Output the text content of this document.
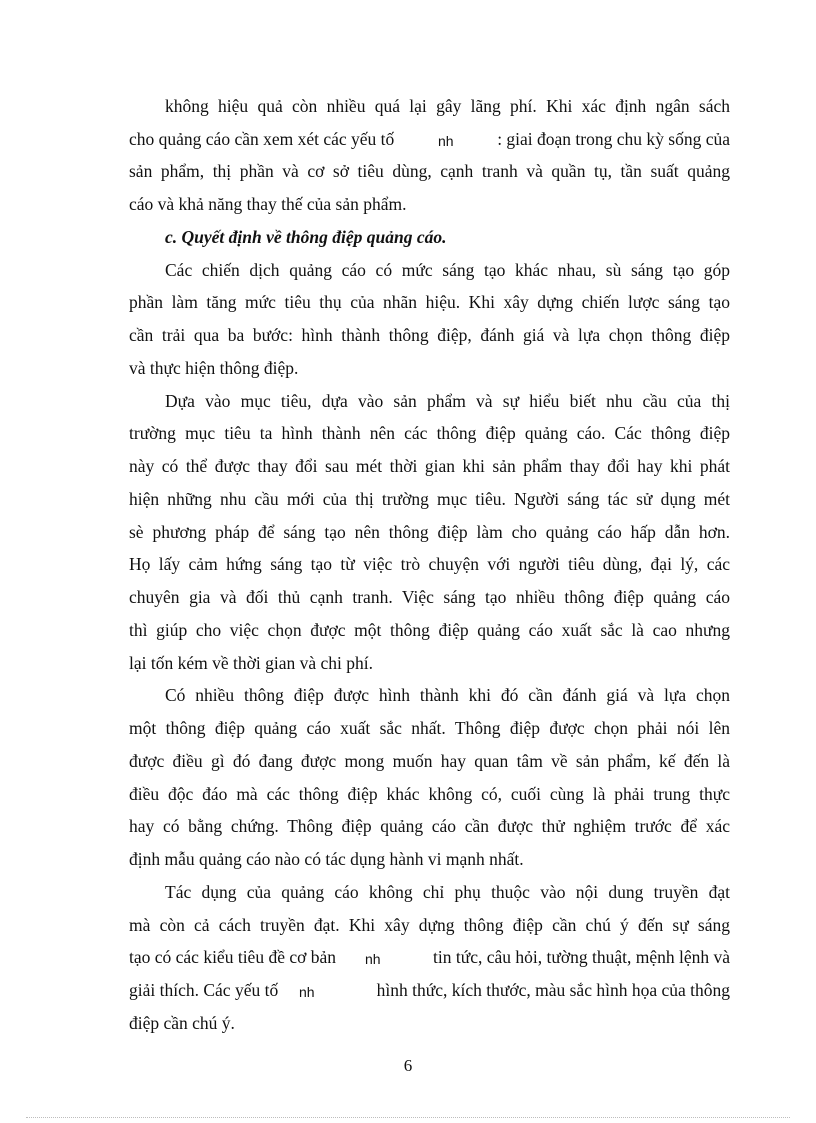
không hiệu quả còn nhiều quá lại gây lãng phí. Khi xác định ngân sách
cho quảng cáo cần xem xét các yếu tố	nh : giai đoạn trong chu kỳ sống của
sản phẩm, thị phần và cơ sở tiêu dùng, cạnh tranh và quần tụ, tần suất quảng
cáo và khả năng thay thế của sản phẩm.
c. Quyết định về thông điệp quảng cáo.
Các chiến dịch quảng cáo có mức sáng tạo khác nhau, sù sáng tạo góp
phần làm tăng mức tiêu thụ của nhãn hiệu. Khi xây dựng chiến lược sáng tạo
cần trải qua ba bước: hình thành thông điệp, đánh giá và lựa chọn thông điệp
và thực hiện thông điệp.
Dựa vào mục tiêu, dựa vào sản phẩm và sự hiểu biết nhu cầu của thị
trường mục tiêu ta hình thành nên các thông điệp quảng cáo. Các thông điệp
này có thể được thay đổi sau mét thời gian khi sản phẩm thay đổi hay khi phát
hiện những nhu cầu mới của thị trường mục tiêu. Người sáng tác sử dụng mét
sè phương pháp để sáng tạo nên thông điệp làm cho quảng cáo hấp dẫn hơn.
Họ lấy cảm hứng sáng tạo từ việc trò chuyện với người tiêu dùng, đại lý, các
chuyên gia và đối thủ cạnh tranh. Việc sáng tạo nhiều thông điệp quảng cáo
thì giúp cho việc chọn được một thông điệp quảng cáo xuất sắc là cao nhưng
lại tốn kém về thời gian và chi phí.
Có nhiều thông điệp được hình thành khi đó cần đánh giá và lựa chọn
một thông điệp quảng cáo xuất sắc nhất. Thông điệp được chọn phải nói lên
được điều gì đó đang được mong muốn hay quan tâm về sản phẩm, kế đến là
điều độc đáo mà các thông điệp khác không có, cuối cùng là phải trung thực
hay có bằng chứng. Thông điệp quảng cáo cần được thử nghiệm trước để xác
định mẫu quảng cáo nào có tác dụng hành vi mạnh nhất.
Tác dụng của quảng cáo không chỉ phụ thuộc vào nội dung truyền đạt
mà còn cả cách truyền đạt. Khi xây dựng thông điệp cần chú ý đến sự sáng
tạo có các kiểu tiêu đề cơ bản nh	tin tức, câu hỏi, tường thuật, mệnh lệnh và
giải thích. Các yếu tố nh	hình thức, kích thước, màu sắc hình họa của thông
điệp cần chú ý.
6
